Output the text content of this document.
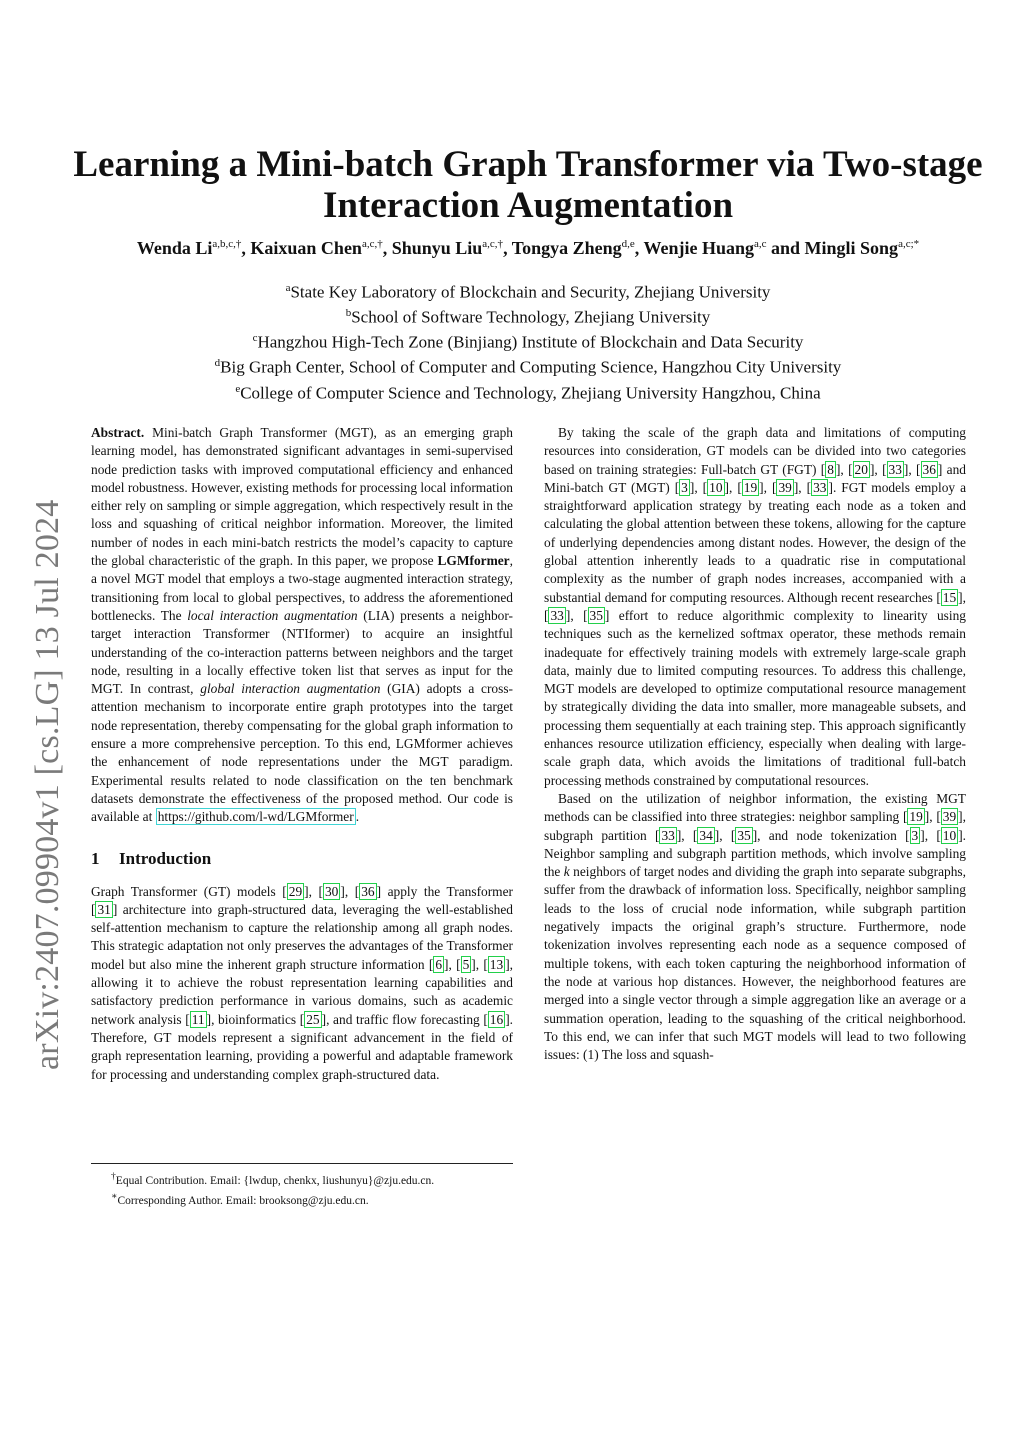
arXiv:2407.09904v1 [cs.LG] 13 Jul 2024
Learning a Mini-batch Graph Transformer via Two-stage Interaction Augmentation
Wenda $Li^{a,b,c,\dagger}$, Kaixuan Chen$^{a,c,\dagger}$, Shunyu Liu$^{a,c,\dagger}$, Tongya Zheng$^{d,e}$, Wenjie Huang$^{a,c}$ and Mingli Song$^{a,c;*}$
$^a$State Key Laboratory of Blockchain and Security, Zhejiang University
$^b$School of Software Technology, Zhejiang University
$^c$Hangzhou High-Tech Zone (Binjiang) Institute of Blockchain and Data Security
$^d$Big Graph Center, School of Computer and Computing Science, Hangzhou City University
$^e$College of Computer Science and Technology, Zhejiang University Hangzhou, China

Abstract. Mini-batch Graph Transformer (MGT), as an emerging graph learning model, has demonstrated significant advantages in semi-supervised node prediction tasks with improved computational efficiency and enhanced model robustness. However, existing methods for processing local information either rely on sampling or simple aggregation, which respectively result in the loss and squashing of critical neighbor information. Moreover, the limited number of nodes in each mini-batch restricts the model’s capacity to capture the global characteristic of the graph. In this paper, we propose LGMformer, a novel MGT model that employs a two-stage augmented interaction strategy, transitioning from local to global perspectives, to address the aforementioned bottlenecks. The local interaction augmentation (LIA) presents a neighbor-target interaction Transformer (NTIformer) to acquire an insightful understanding of the co-interaction patterns between neighbors and the target node, resulting in a locally effective token list that serves as input for the MGT. In contrast, global interaction augmentation (GIA) adopts a cross-attention mechanism to incorporate entire graph prototypes into the target node representation, thereby compensating for the global graph information to ensure a more comprehensive perception. To this end, LGMformer achieves the enhancement of node representations under the MGT paradigm. Experimental results related to node classification on the ten benchmark datasets demonstrate the effectiveness of the proposed method. Our code is available at https://github.com/l-wd/LGMformer .

1 Introduction

Graph Transformer (GT) models [ 29 ], [ 30 ], [ 36 ] apply the Transformer [ 31 ] architecture into graph-structured data, leveraging the well-established self-attention mechanism to capture the relationship among all graph nodes. This strategic adaptation not only preserves the advantages of the Transformer model but also mine the inherent graph structure information [ 6 ], [ 5 ], [ 13 ], allowing it to achieve the robust representation learning capabilities and satisfactory prediction performance in various domains, such as academic network analysis [ 11 ], bioinformatics [ 25 ], and traffic flow forecasting [ 16 ]. Therefore, GT models represent a significant advancement in the field of graph representation learning, providing a powerful and adaptable framework for processing and understanding complex graph-structured data.

By taking the scale of the graph data and limitations of computing resources into consideration, GT models can be divided into two categories based on training strategies: Full-batch GT (FGT) [ 8 ], [ 20 ], [ 33 ], [ 36 ] and Mini-batch GT (MGT) [ 3 ], [ 10 ], [ 19 ], [ 39 ], [ 33 ]. FGT models employ a straightforward application strategy by treating each node as a token and calculating the global attention between these tokens, allowing for the capture of underlying dependencies among distant nodes. However, the design of the global attention inherently leads to a quadratic rise in computational complexity as the number of graph nodes increases, accompanied with a substantial demand for computing resources. Although recent researches [ 15 ], [ 33 ], [ 35 ] effort to reduce algorithmic complexity to linearity using techniques such as the kernelized softmax operator, these methods remain inadequate for effectively training models with extremely large-scale graph data, mainly due to limited computing resources. To address this challenge, MGT models are developed to optimize computational resource management by strategically dividing the data into smaller, more manageable subsets, and processing them sequentially at each training step. This approach significantly enhances resource utilization efficiency, especially when dealing with large-scale graph data, which avoids the limitations of traditional full-batch processing methods constrained by computational resources.

Based on the utilization of neighbor information, the existing MGT methods can be classified into three strategies: neighbor sampling [ 19 ], [ 39 ], subgraph partition [ 33 ], [ 34 ], [ 35 ], and node tokenization [ 3 ], [ 10 ]. Neighbor sampling and subgraph partition methods, which involve sampling the k neighbors of target nodes and dividing the graph into separate subgraphs, suffer from the drawback of information loss. Specifically, neighbor sampling leads to the loss of crucial node information, while subgraph partition negatively impacts the original graph’s structure. Furthermore, node tokenization involves representing each node as a sequence composed of multiple tokens, with each token capturing the neighborhood information of the node at various hop distances. However, the neighborhood features are merged into a single vector through a simple aggregation like an average or a summation operation, leading to the squashing of the critical neighborhood. To this end, we can infer that such MGT models will lead to two following issues: (1) The loss and squash-

†Equal Contribution. Email: {lwdup, chenkx, liushunyu}@zju.edu.cn.
∗Corresponding Author. Email: brooksong@zju.edu.cn.
